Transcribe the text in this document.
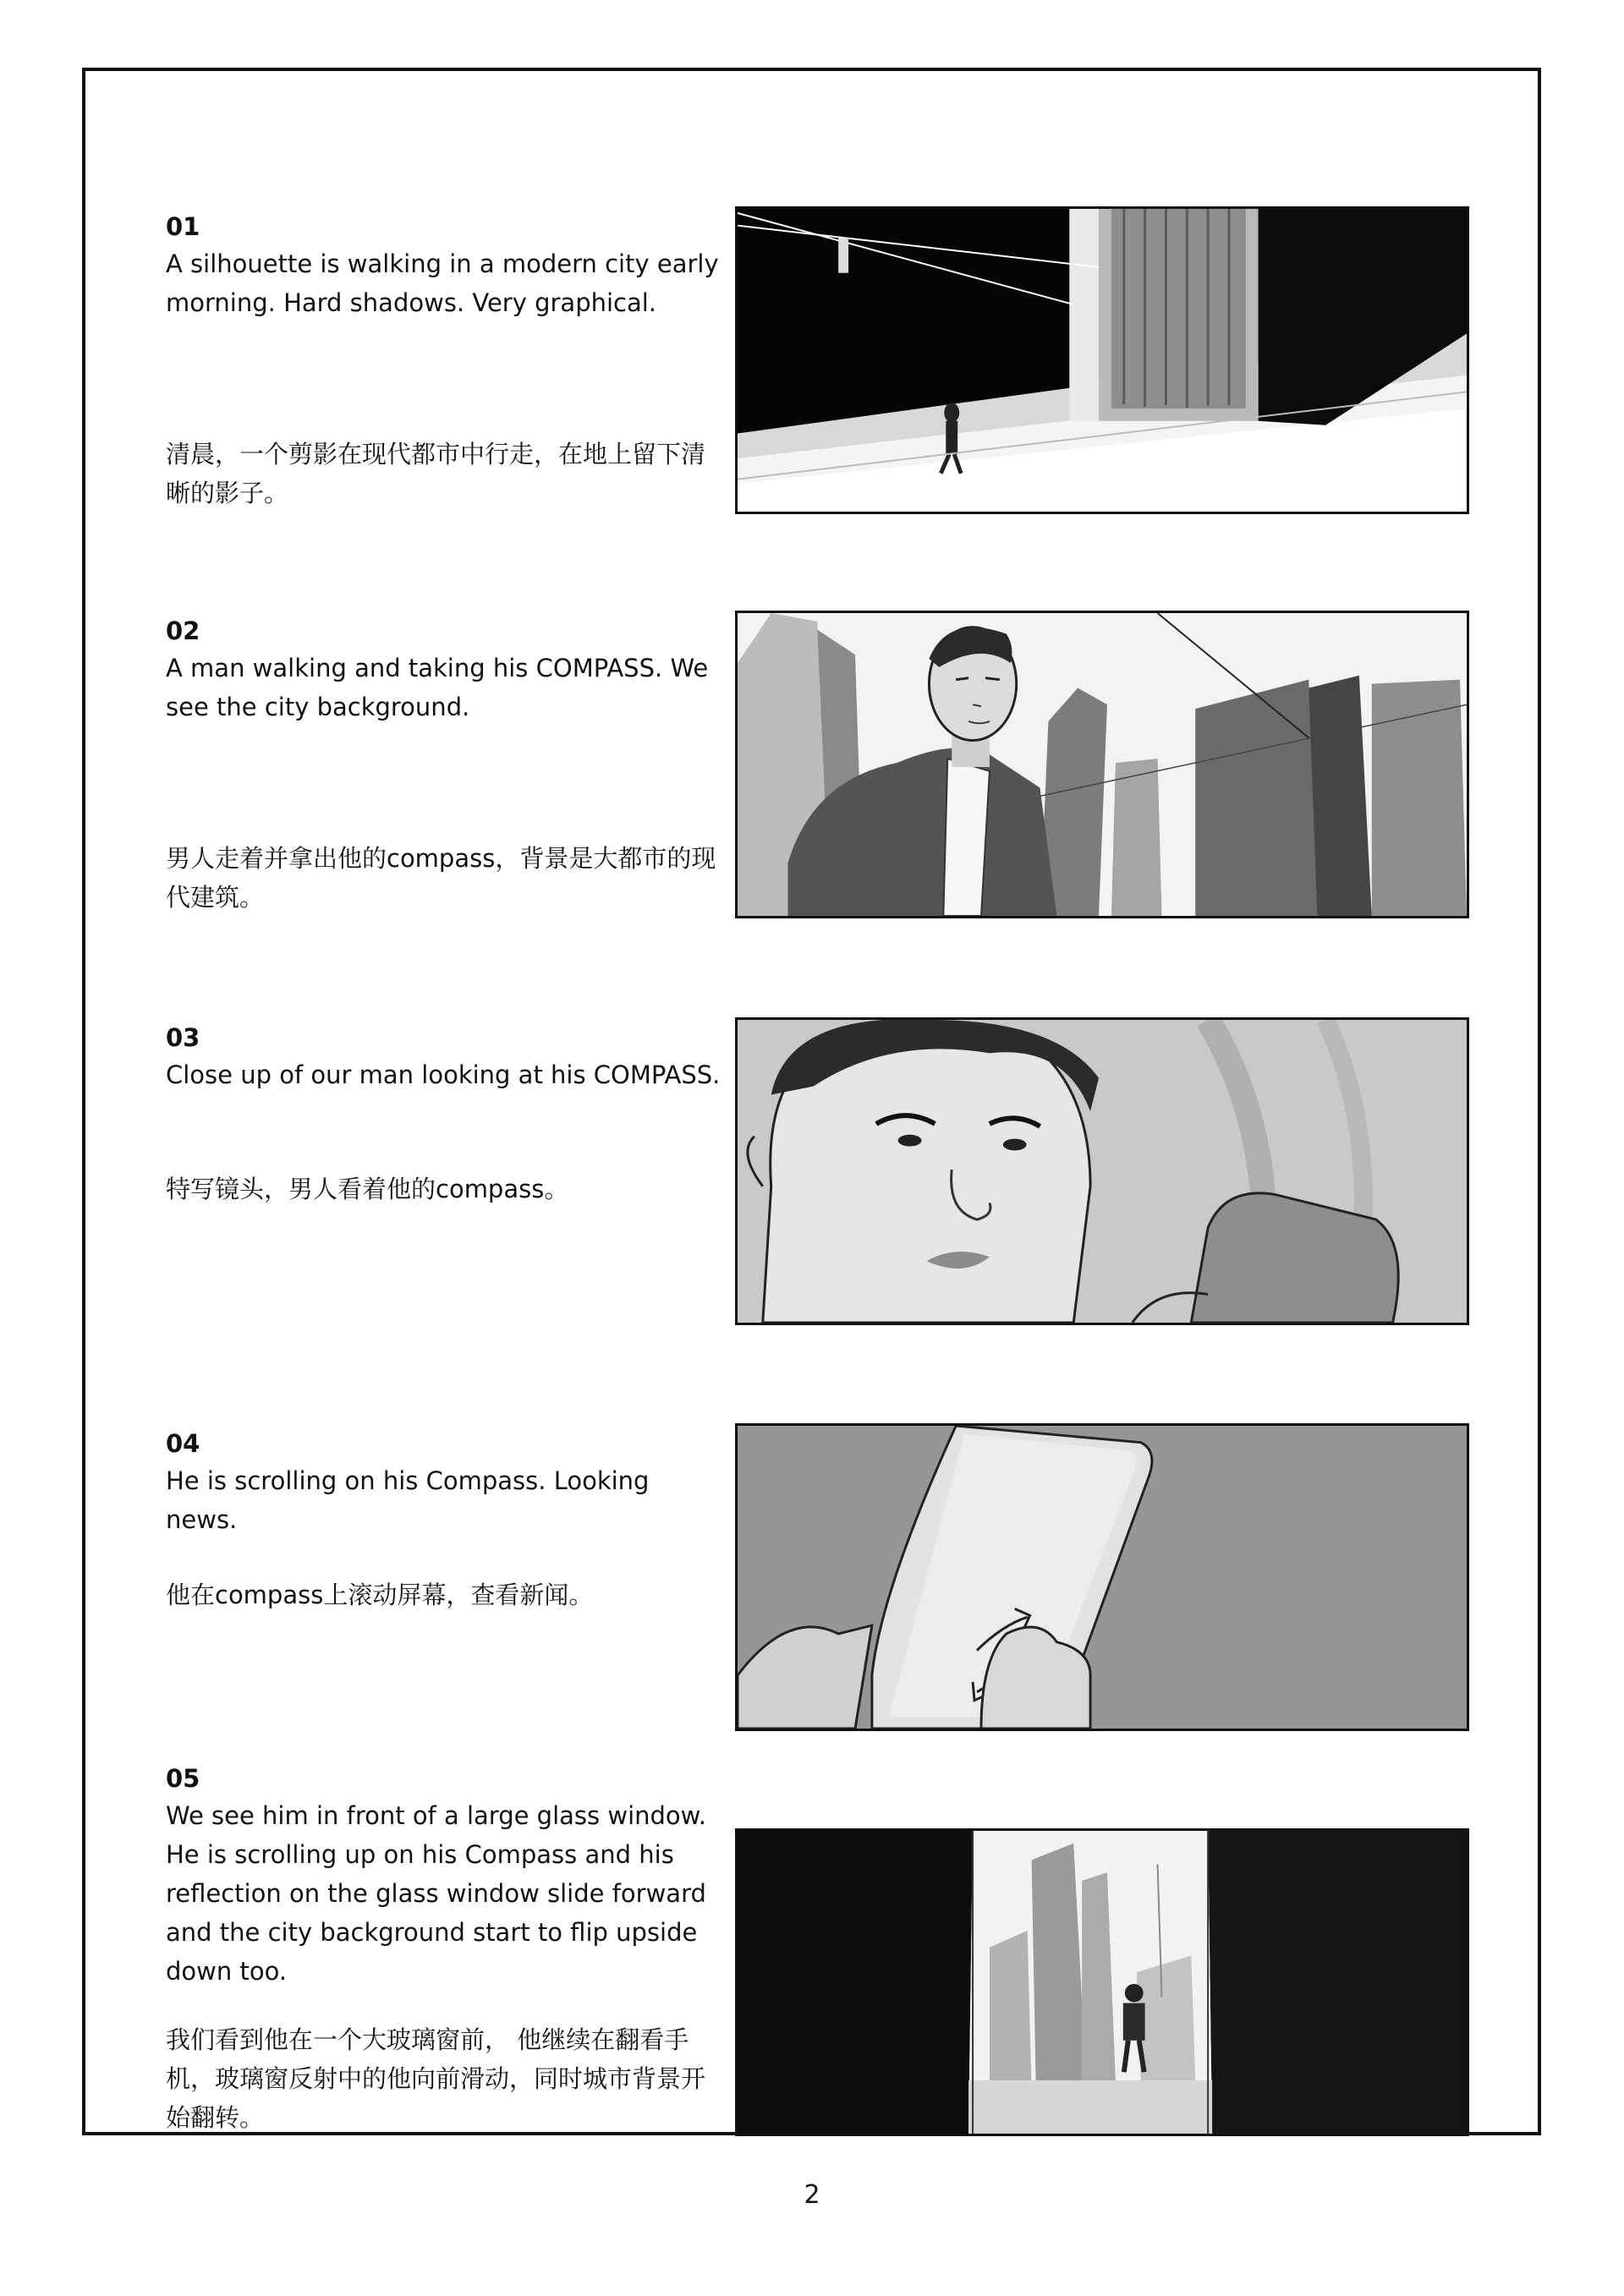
01
A silhouette is walking in a modern city early morning. Hard shadows. Very graphical.
清晨，一个剪影在现代都市中行走，在地上留下清晰的影子。
02
A man walking and taking his COMPASS. We see the city background.
男人走着并拿出他的compass，背景是大都市的现代建筑。
03
Close up of our man looking at his COMPASS.
特写镜头，男人看着他的compass。
04
He is scrolling on his Compass. Looking news.
他在compass上滚动屏幕，查看新闻。
05
We see him in front of a large glass window. He is scrolling up on his Compass and his reflection on the glass window slide forward and the city background start to flip upside down too.
我们看到他在一个大玻璃窗前， 他继续在翻看手机，玻璃窗反射中的他向前滑动，同时城市背景开始翻转。
2
